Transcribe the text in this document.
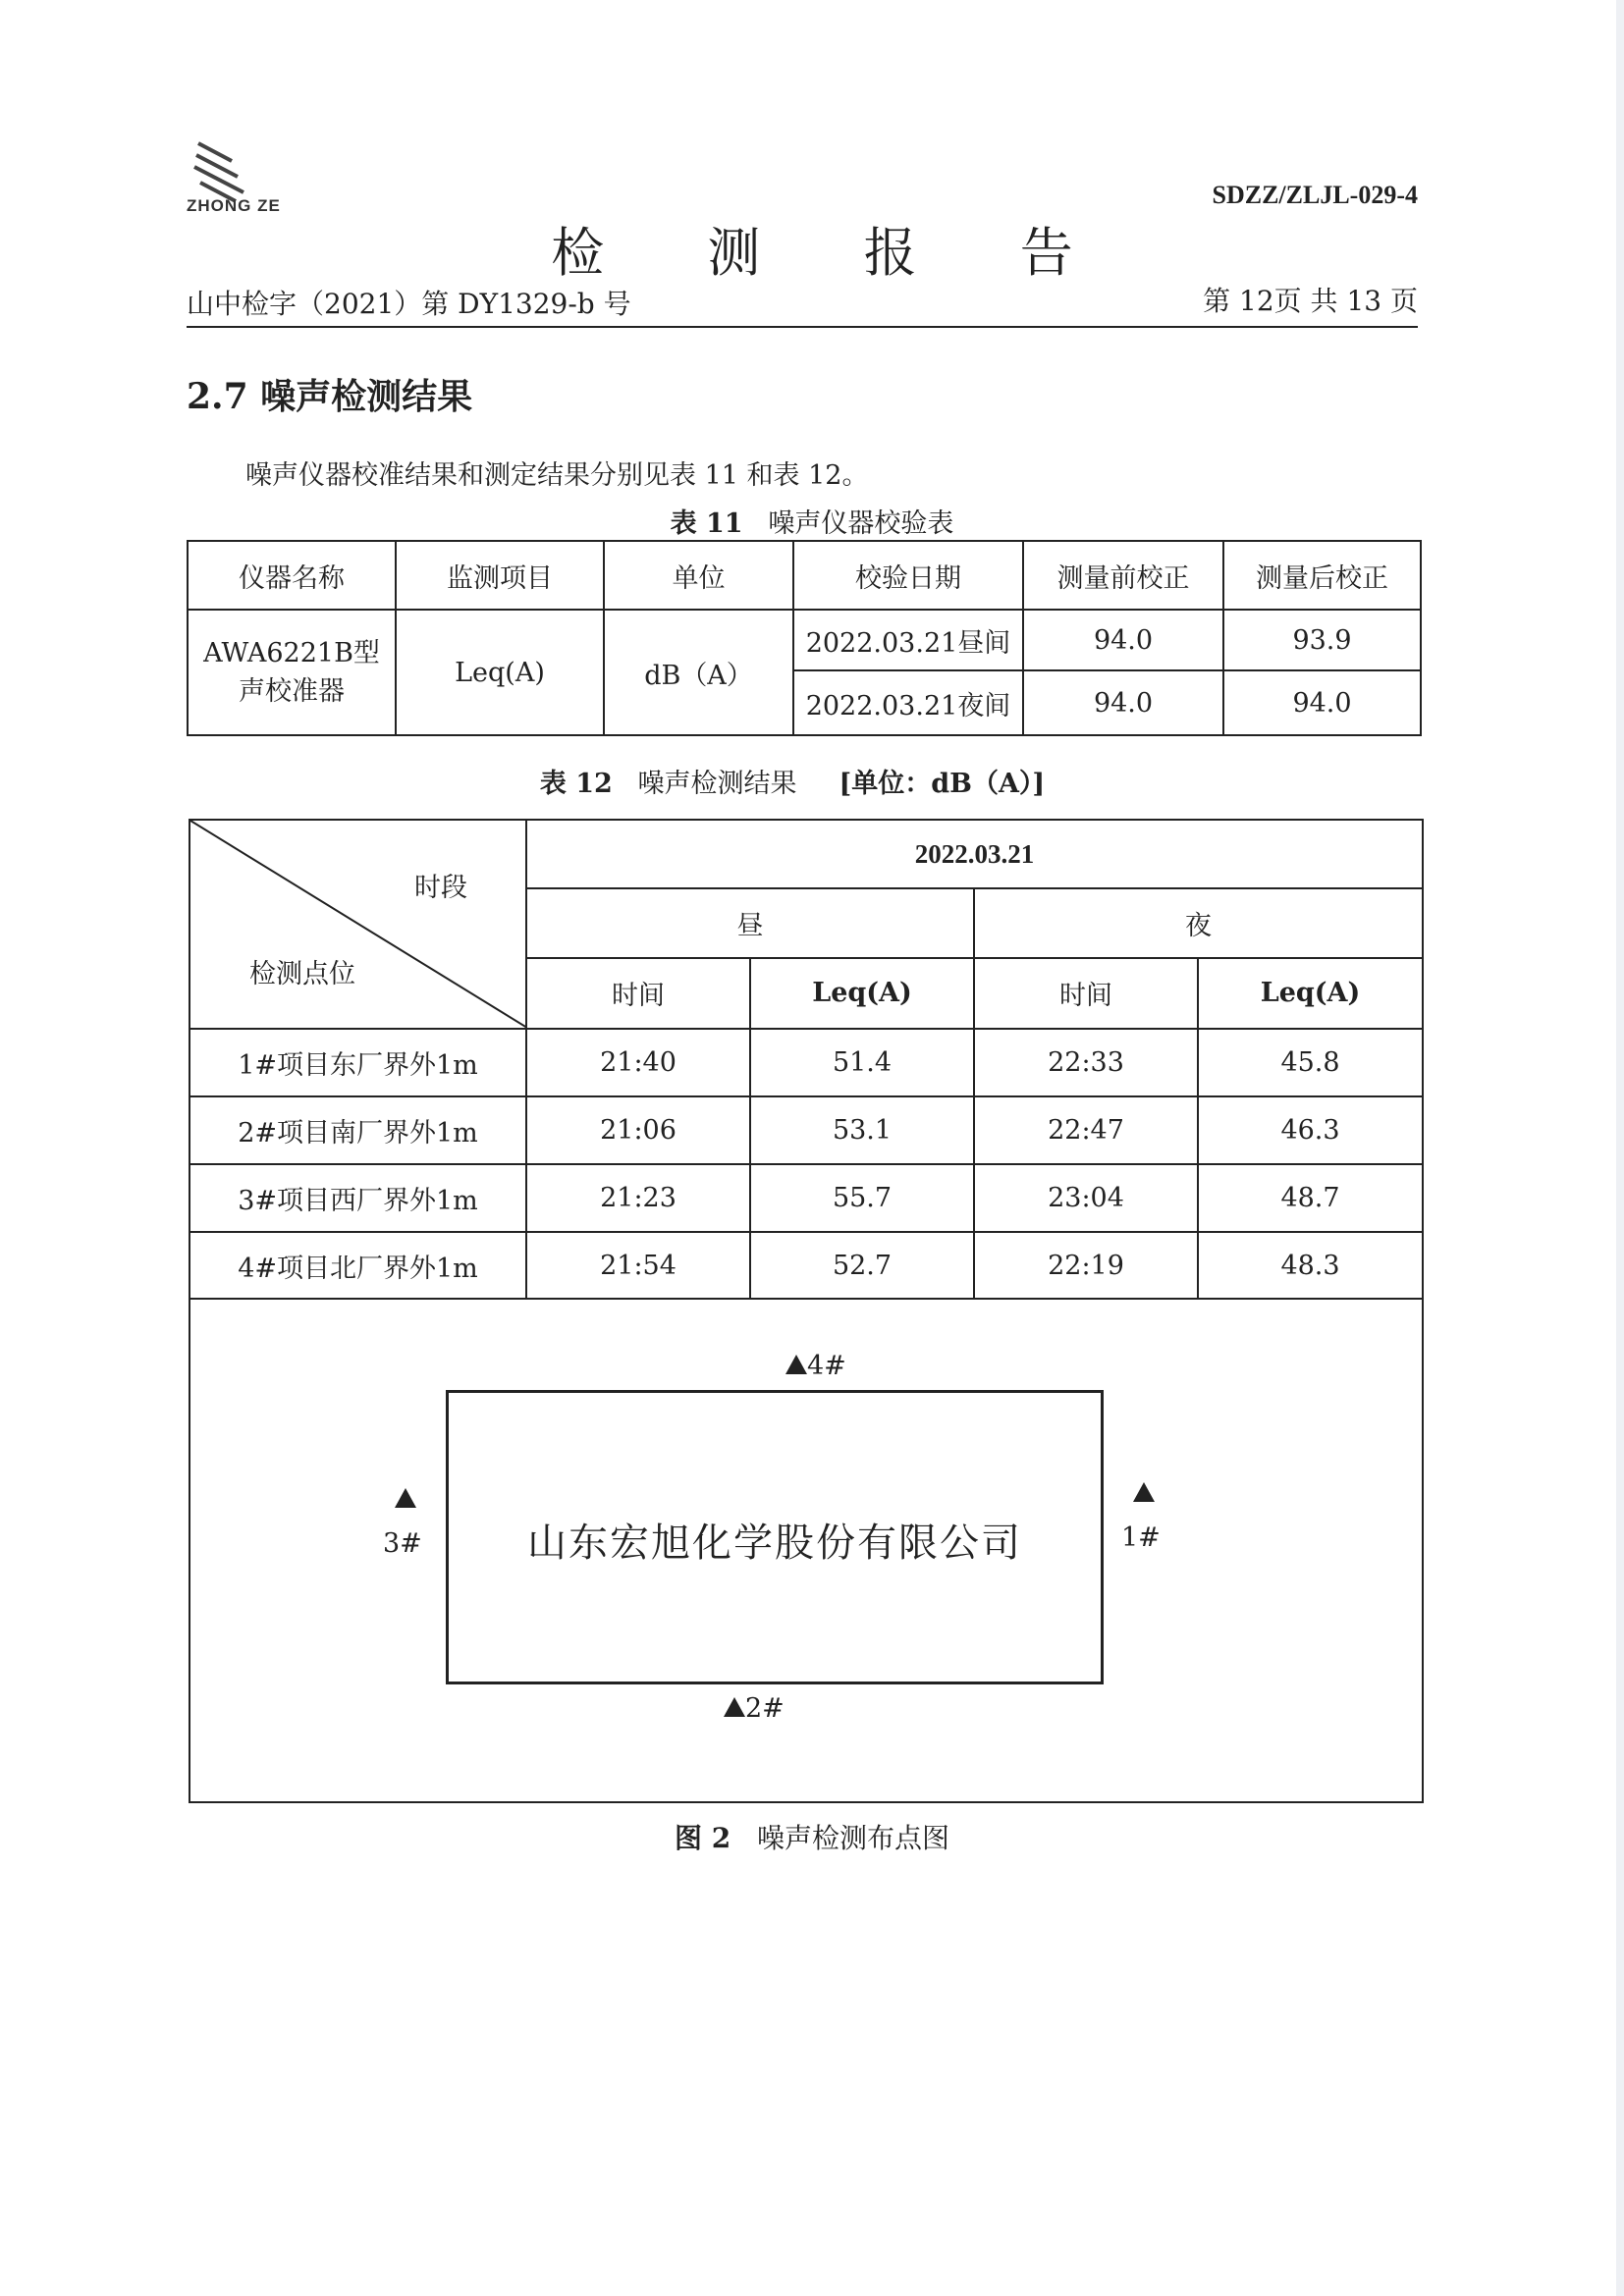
ZHONG ZE	SDZZ/ZLJL-029-4
检 测 报 告
山中检字（2021）第 DY1329-b 号	第 12页 共 13 页
2.7 噪声检测结果
噪声仪器校准结果和测定结果分别见表 11 和表 12。
表 11 噪声仪器校验表
仪器名称	监测项目	单位	校验日期	测量前校正	测量后校正
AWA6221B型
声校准器	Leq(A)	dB（A）	2022.03.21昼间	94.0	93.9
			2022.03.21夜间	94.0	94.0
表 12 噪声检测结果 [单位：dB（A）]
时段
检测点位	2022.03.21			
	昼		夜	
	时间	Leq(A)	时间	Leq(A)
1#项目东厂界外1m	21:40	51.4	22:33	45.8
2#项目南厂界外1m	21:06	53.1	22:47	46.3
3#项目西厂界外1m	21:23	55.7	23:04	48.7
4#项目北厂界外1m	21:54	52.7	22:19	48.3
山东宏旭化学股份有限公司
4#
2#

3#	1#
图 2 噪声检测布点图
